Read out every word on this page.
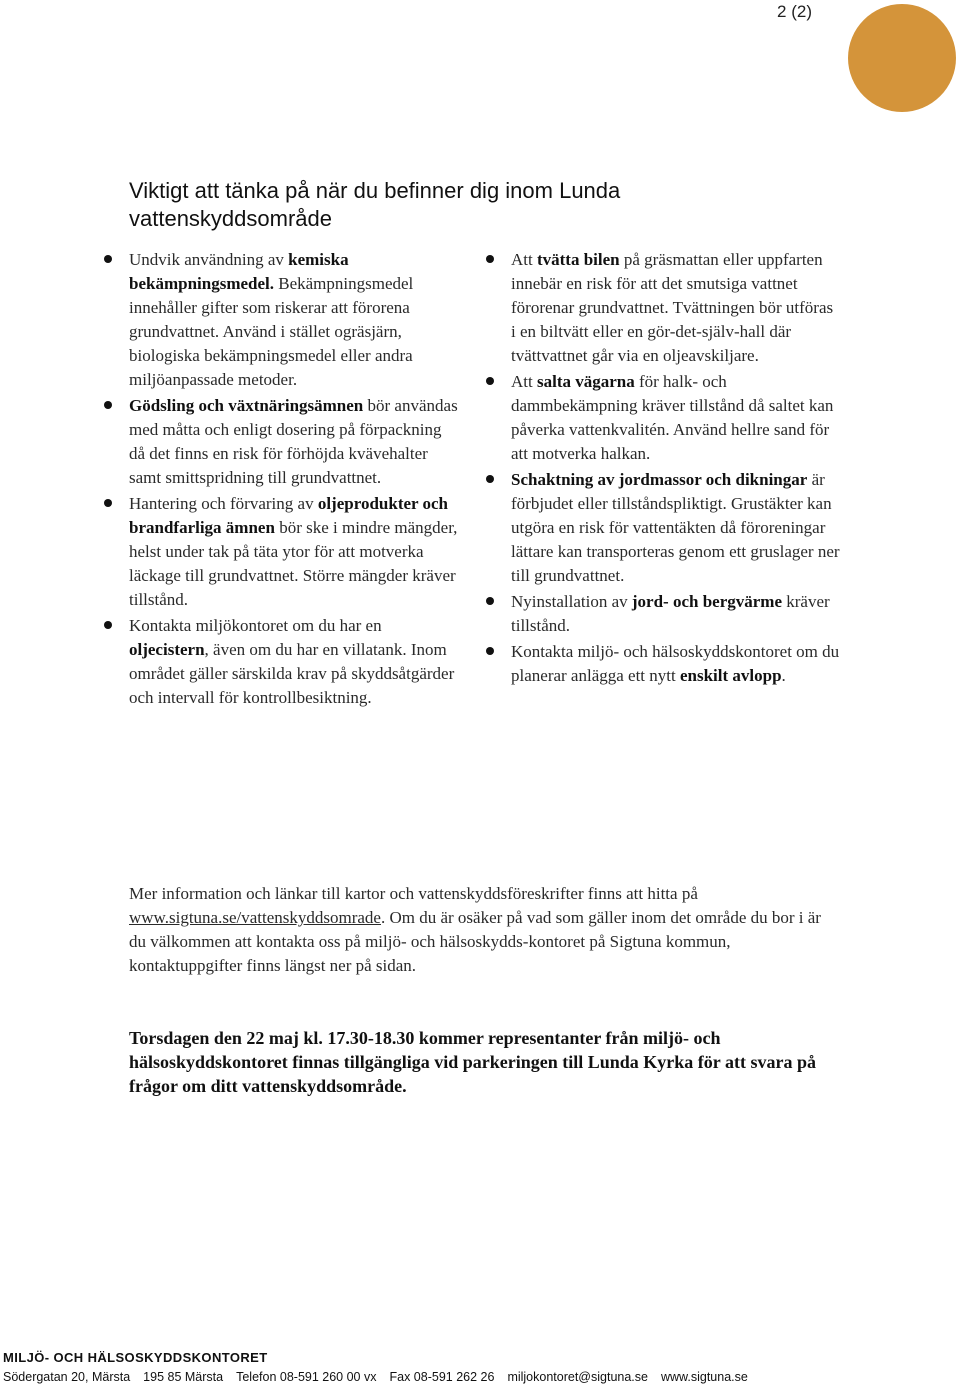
2 (2)
Viktigt att tänka på när du befinner dig inom Lunda vattenskyddsområde
Undvik användning av kemiska bekämpningsmedel. Bekämpningsmedel innehåller gifter som riskerar att förorena grundvattnet. Använd i stället ogräsjärn, biologiska bekämpningsmedel eller andra miljöanpassade metoder.
Gödsling och växtnäringsämnen bör användas med måtta och enligt dosering på förpackning då det finns en risk för förhöjda kvävehalter samt smittspridning till grundvattnet.
Hantering och förvaring av oljeprodukter och brandfarliga ämnen bör ske i mindre mängder, helst under tak på täta ytor för att motverka läckage till grundvattnet. Större mängder kräver tillstånd.
Kontakta miljökontoret om du har en oljecistern, även om du har en villatank. Inom området gäller särskilda krav på skyddsåtgärder och intervall för kontrollbesiktning.
Att tvätta bilen på gräsmattan eller uppfarten innebär en risk för att det smutsiga vattnet förorenar grundvattnet. Tvättningen bör utföras i en biltvätt eller en gör-det-själv-hall där tvättvattnet går via en oljeavskiljare.
Att salta vägarna för halk- och dammbekämpning kräver tillstånd då saltet kan påverka vattenkvalitén. Använd hellre sand för att motverka halkan.
Schaktning av jordmassor och dikningar är förbjudet eller tillståndspliktigt. Grustäkter kan utgöra en risk för vattentäkten då föroreningar lättare kan transporteras genom ett gruslager ner till grundvattnet.
Nyinstallation av jord- och bergvärme kräver tillstånd.
Kontakta miljö- och hälsoskyddskontoret om du planerar anlägga ett nytt enskilt avlopp.

Mer information och länkar till kartor och vattenskyddsföreskrifter finns att hitta på www.sigtuna.se/vattenskyddsomrade. Om du är osäker på vad som gäller inom det område du bor i är du välkommen att kontakta oss på miljö- och hälsoskydds-kontoret på Sigtuna kommun, kontaktuppgifter finns längst ner på sidan.

Torsdagen den 22 maj kl. 17.30-18.30 kommer representanter från miljö- och hälsoskyddskontoret finnas tillgängliga vid parkeringen till Lunda Kyrka för att svara på frågor om ditt vattenskyddsområde.

MILJÖ- OCH HÄLSOSKYDDSKONTORET
Södergatan 20, Märsta 195 85 Märsta Telefon 08-591 260 00 vx Fax 08-591 262 26 miljokontoret@sigtuna.se www.sigtuna.se
